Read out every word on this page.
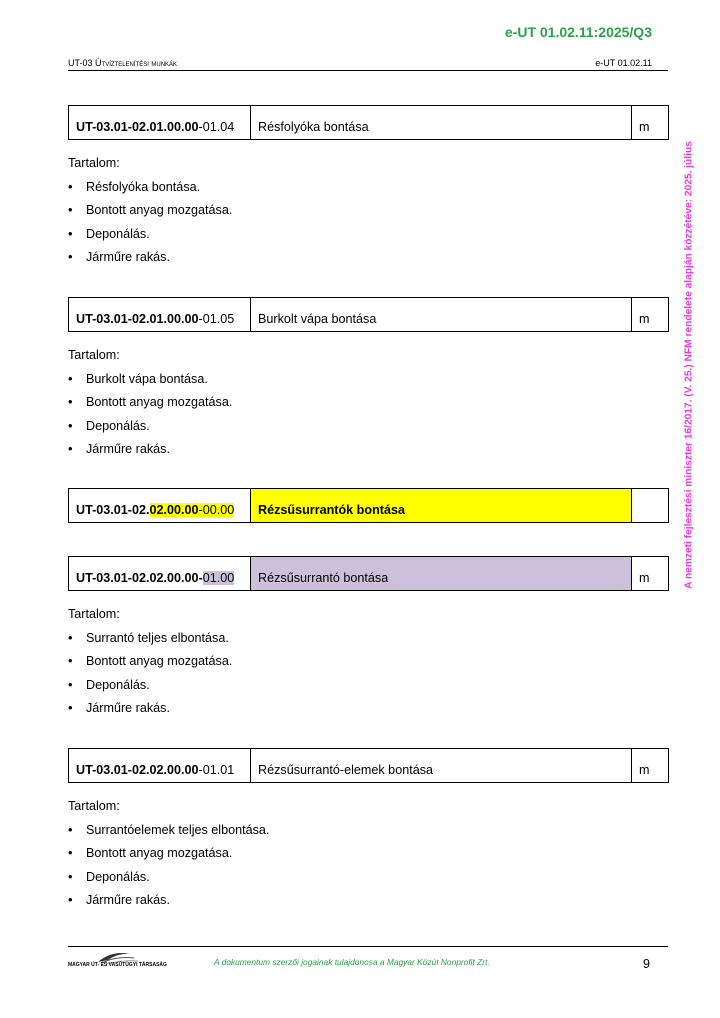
e-UT 01.02.11:2025/Q3
UT-03 Útvíztelenítési munkák	e-UT 01.02.11
A nemzeti fejlesztési miniszter 16/2017. (V. 25.) NFM rendelete alapján közzétéve: 2025. július
UT-03.01-02.01.00.00 -01.04	Résfolyóka bontása	m
Tartalom:
• Résfolyóka bontása.
• Bontott anyag mozgatása.
• Deponálás.
• Járműre rakás.
UT-03.01-02.01.00.00 -01.05	Burkolt vápa bontása	m
Tartalom:
• Burkolt vápa bontása.
• Bontott anyag mozgatása.
• Deponálás.
• Járműre rakás.
UT-03.01-02. 02.00.00 -00.00	Rézsűsurrantók bontása
UT-03.01-02.02.00.00- 01.00	Rézsűsurrantó bontása	m
Tartalom:
• Surrantó teljes elbontása.
• Bontott anyag mozgatása.
• Deponálás.
• Járműre rakás.
UT-03.01-02.02.00.00 -01.01	Rézsűsurrantó-elemek bontása	m
Tartalom:
• Surrantóelemek teljes elbontása.
• Bontott anyag mozgatása.
• Deponálás.
• Járműre rakás.
MAGYAR ÚT- ÉS VASÚTÜGYI TÁRSASÁG	A dokumentum szerzői jogainak tulajdonosa a Magyar Közút Nonprofit Zrt.	9
